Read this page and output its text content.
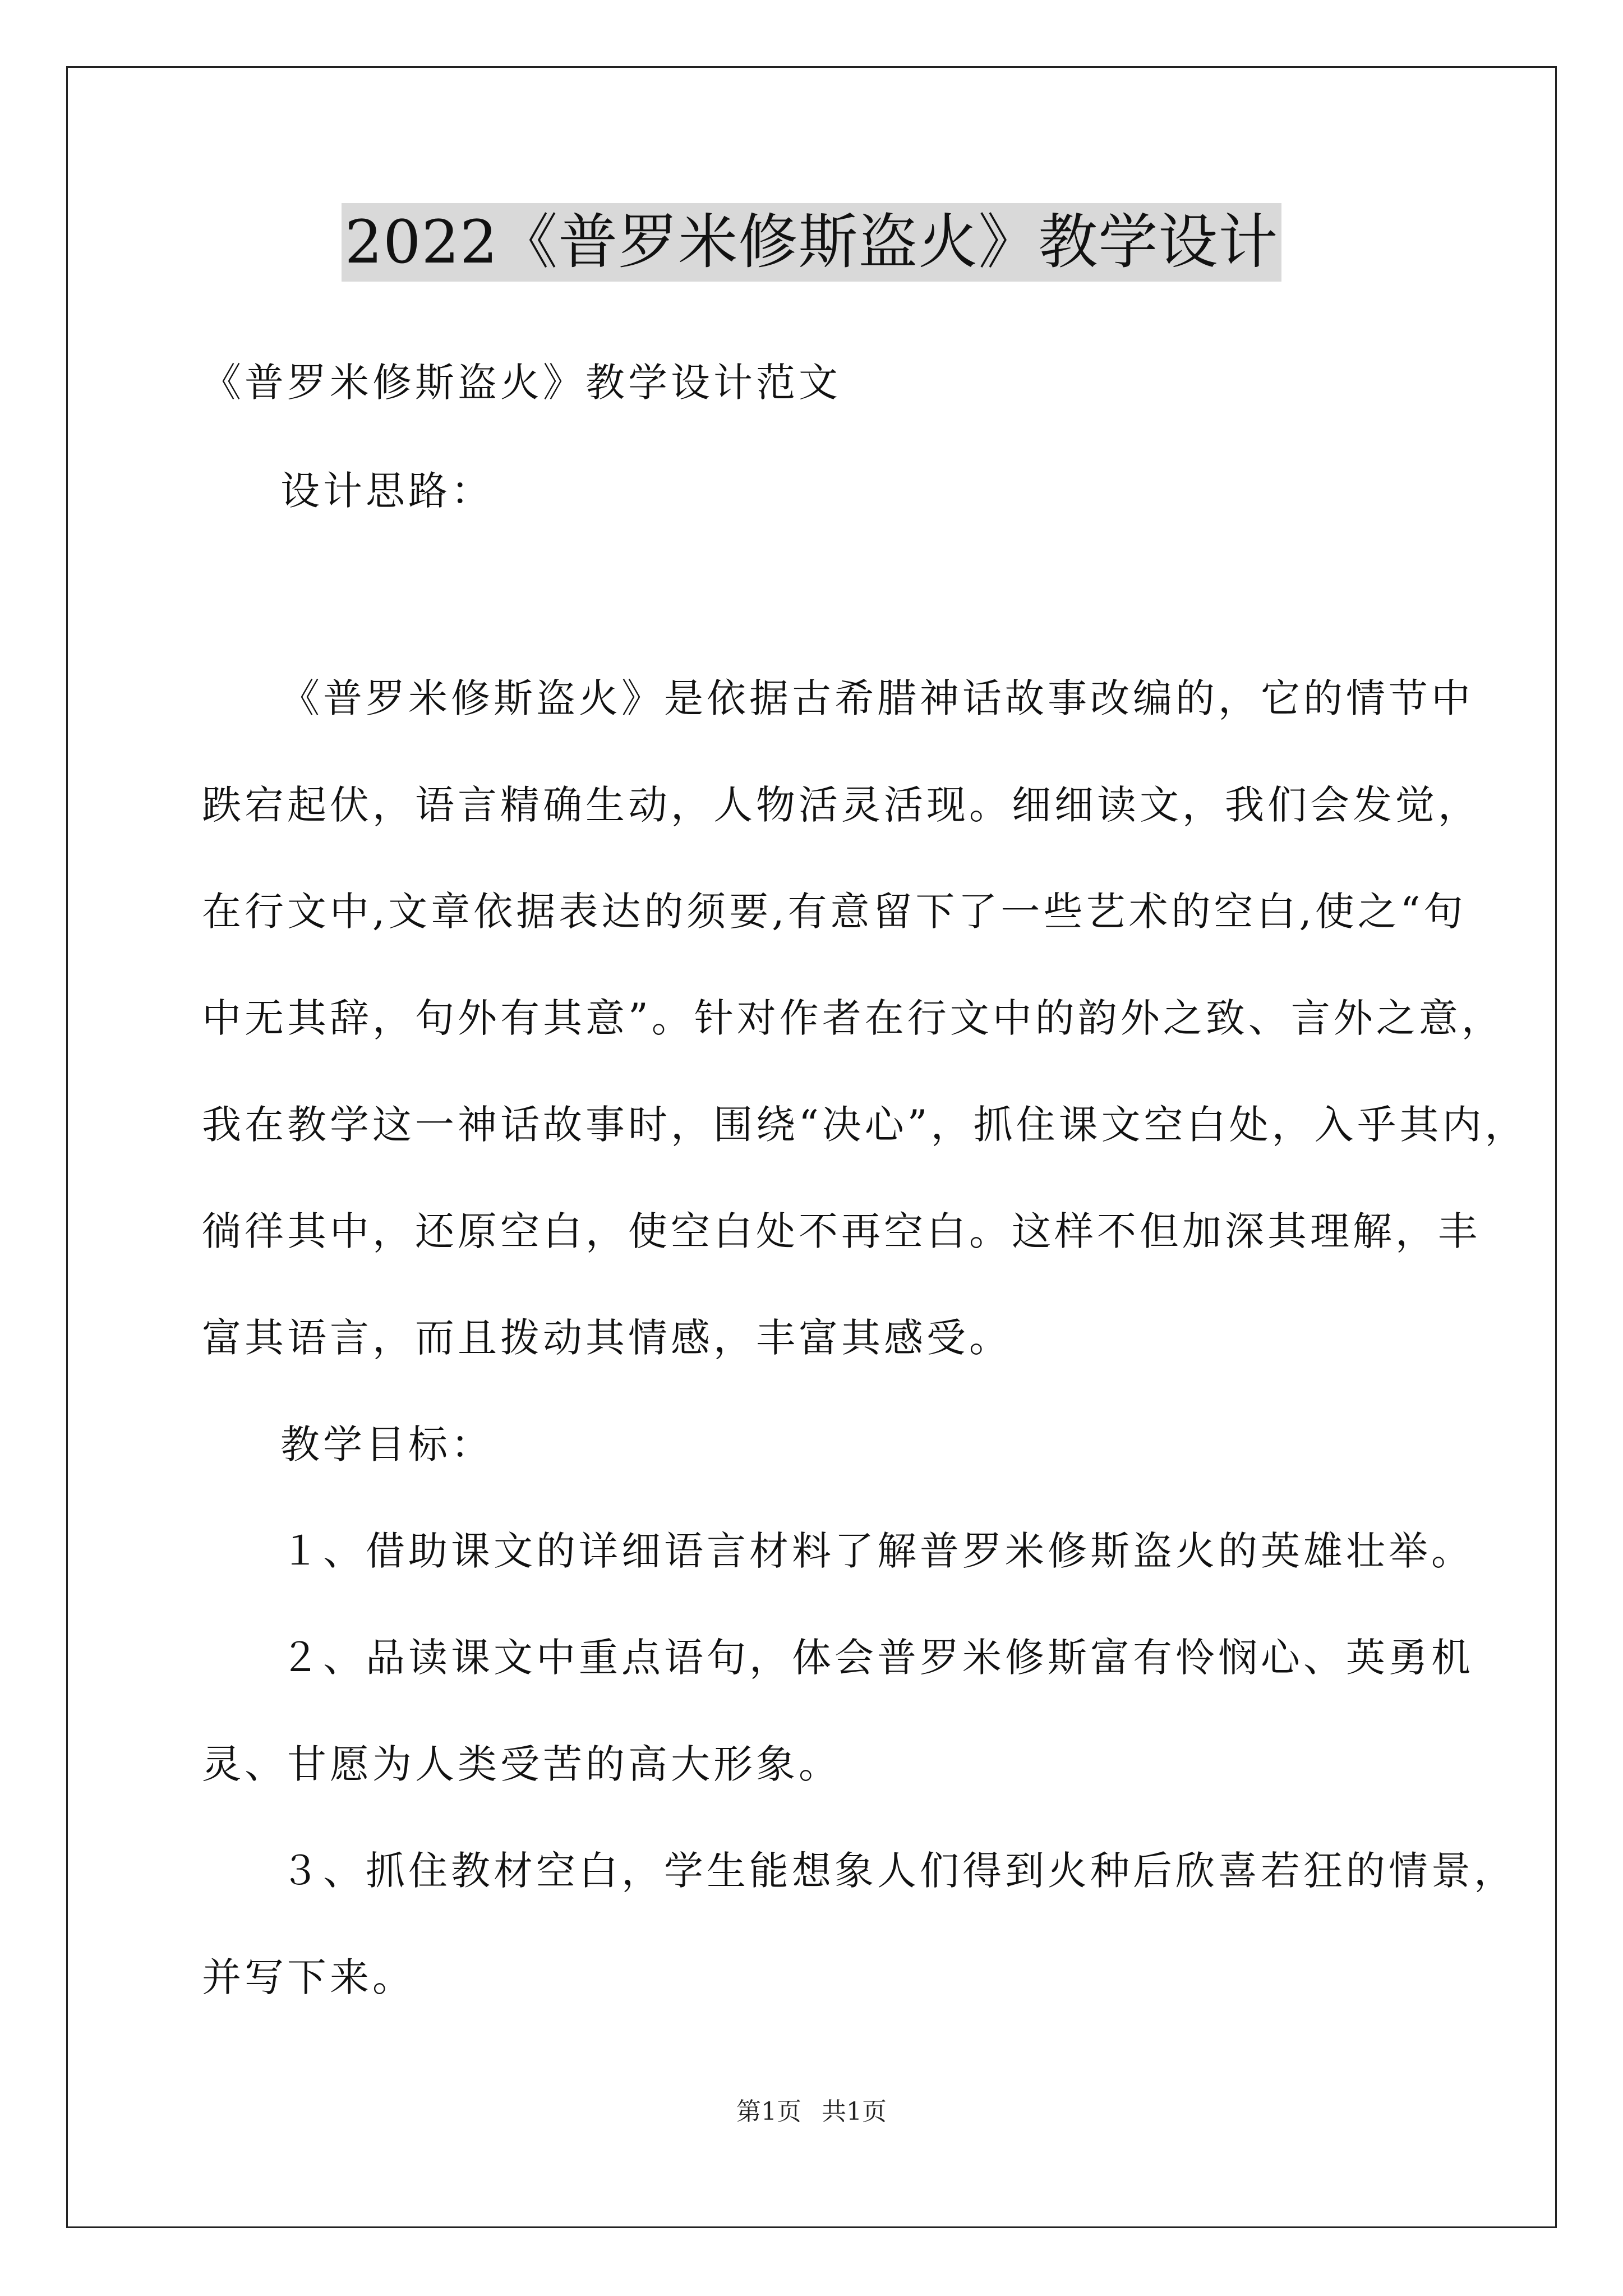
2022《普罗米修斯盗火》教学设计
《普罗米修斯盗火》教学设计范文
设计思路：
《普罗米修斯盗火》是依据古希腊神话故事改编的，它的情节中
跌宕起伏，语言精确生动，人物活灵活现。细细读文，我们会发觉，
在行文中,文章依据表达的须要,有意留下了一些艺术的空白,使之“句
中无其辞，句外有其意”。针对作者在行文中的韵外之致、言外之意，
我在教学这一神话故事时，围绕“决心”，抓住课文空白处，入乎其内，
徜徉其中，还原空白，使空白处不再空白。这样不但加深其理解，丰
富其语言，而且拨动其情感，丰富其感受。
教学目标：
１、借助课文的详细语言材料了解普罗米修斯盗火的英雄壮举。
２、品读课文中重点语句，体会普罗米修斯富有怜悯心、英勇机
灵、甘愿为人类受苦的高大形象。
３、抓住教材空白，学生能想象人们得到火种后欣喜若狂的情景，
并写下来。
第1页 共1页
